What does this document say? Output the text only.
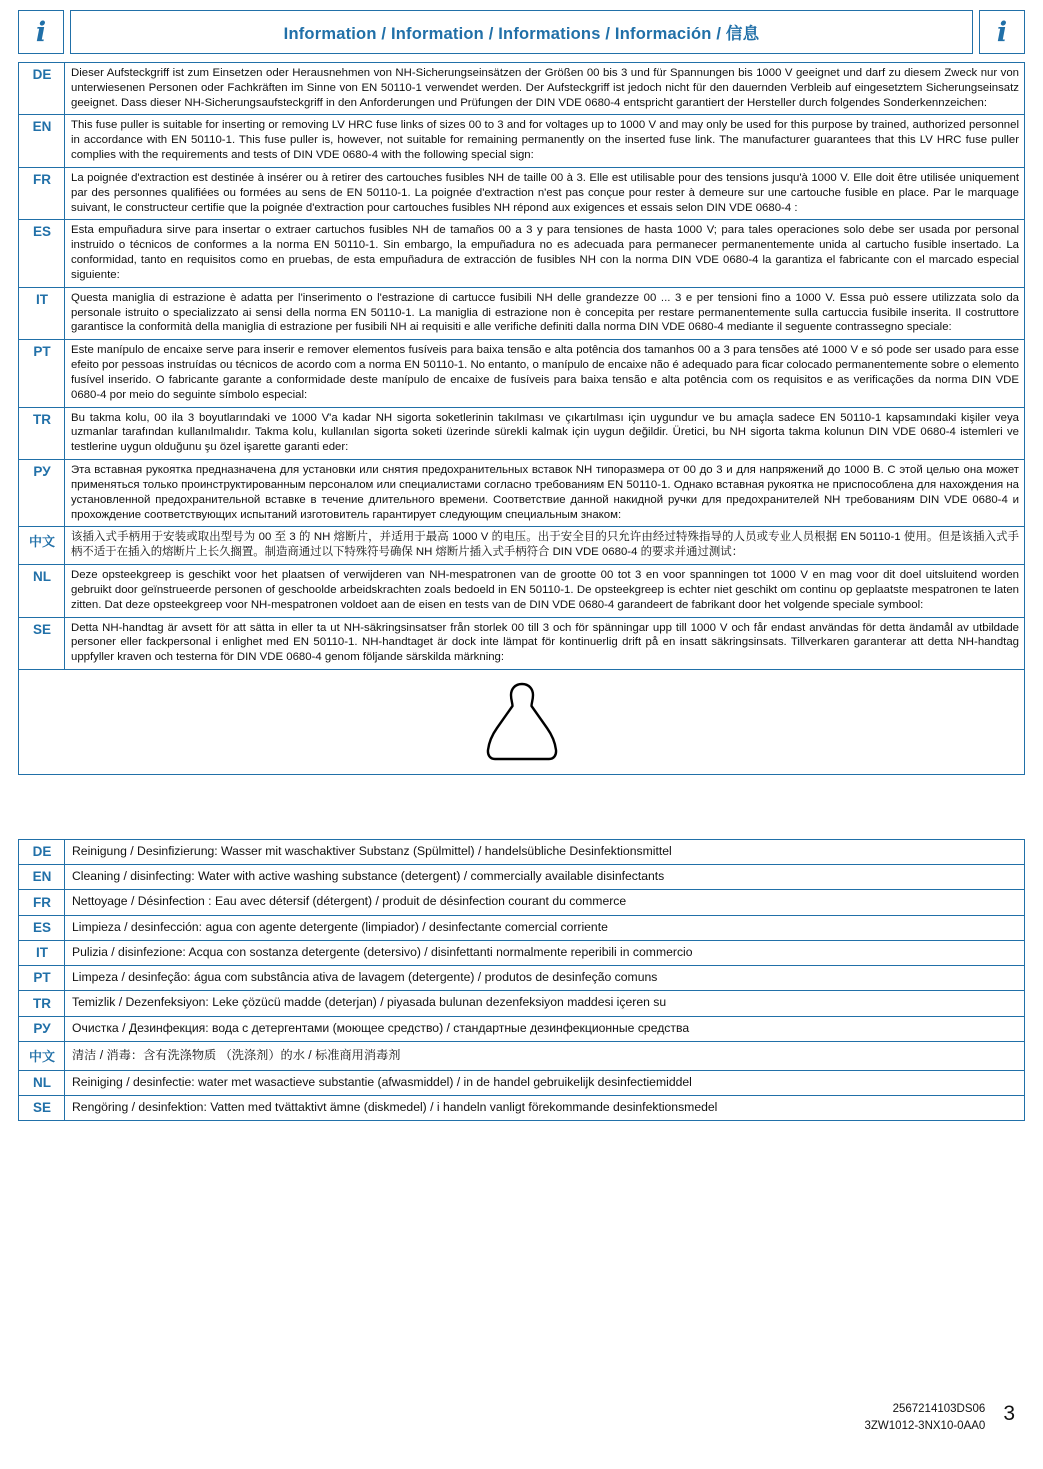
i	Information / Information / Informations / Información / 信息	i
DE	Dieser Aufsteckgriff ist zum Einsetzen oder Herausnehmen von NH-Sicherungseinsätzen der Größen 00 bis 3 und für Spannungen bis 1000 V geeignet und darf zu diesem Zweck nur von unterwiesenen Personen oder Fachkräften im Sinne von EN 50110-1 verwendet werden. Der Aufsteckgriff ist jedoch nicht für den dauernden Verbleib auf eingesetztem Sicherungseinsatz geeignet. Dass dieser NH-Sicherungsaufsteckgriff in den Anforderungen und Prüfungen der DIN VDE 0680-4 entspricht garantiert der Hersteller durch folgendes Sonderkennzeichen:
EN	This fuse puller is suitable for inserting or removing LV HRC fuse links of sizes 00 to 3 and for voltages up to 1000 V and may only be used for this purpose by trained, authorized personnel in accordance with EN 50110-1. This fuse puller is, however, not suitable for remaining permanently on the inserted fuse link. The manufacturer guarantees that this LV HRC fuse puller complies with the requirements and tests of DIN VDE 0680-4 with the following special sign:
FR	La poignée d'extraction est destinée à insérer ou à retirer des cartouches fusibles NH de taille 00 à 3. Elle est utilisable pour des tensions jusqu'à 1000 V. Elle doit être utilisée uniquement par des personnes qualifiées ou formées au sens de EN 50110-1. La poignée d'extraction n'est pas conçue pour rester à demeure sur une cartouche fusible en place. Par le marquage suivant, le constructeur certifie que la poignée d'extraction pour cartouches fusibles NH répond aux exigences et essais selon DIN VDE 0680-4 :
ES	Esta empuñadura sirve para insertar o extraer cartuchos fusibles NH de tamaños 00 a 3 y para tensiones de hasta 1000 V; para tales operaciones solo debe ser usada por personal instruido o técnicos de conformes a la norma EN 50110-1. Sin embargo, la empuñadura no es adecuada para permanecer permanentemente unida al cartucho fusible insertado. La conformidad, tanto en requisitos como en pruebas, de esta empuñadura de extracción de fusibles NH con la norma DIN VDE 0680-4 la garantiza el fabricante con el marcado especial siguiente:
IT	Questa maniglia di estrazione è adatta per l'inserimento o l'estrazione di cartucce fusibili NH delle grandezze 00 ... 3 e per tensioni fino a 1000 V. Essa può essere utilizzata solo da personale istruito o specializzato ai sensi della norma EN 50110-1. La maniglia di estrazione non è concepita per restare permanentemente sulla cartuccia fusibile inserita. Il costruttore garantisce la conformità della maniglia di estrazione per fusibili NH ai requisiti e alle verifiche definiti dalla norma DIN VDE 0680-4 mediante il seguente contrassegno speciale:
PT	Este manípulo de encaixe serve para inserir e remover elementos fusíveis para baixa tensão e alta potência dos tamanhos 00 a 3 para tensões até 1000 V e só pode ser usado para esse efeito por pessoas instruídas ou técnicos de acordo com a norma EN 50110-1. No entanto, o manípulo de encaixe não é adequado para ficar colocado permanentemente sobre o elemento fusível inserido. O fabricante garante a conformidade deste manípulo de encaixe de fusíveis para baixa tensão e alta potência com os requisitos e as verificações da norma DIN VDE 0680-4 por meio do seguinte símbolo especial:
TR	Bu takma kolu, 00 ila 3 boyutlarındaki ve 1000 V'a kadar NH sigorta soketlerinin takılması ve çıkartılması için uygundur ve bu amaçla sadece EN 50110-1 kapsamındaki kişiler veya uzmanlar tarafından kullanılmalıdır. Takma kolu, kullanılan sigorta soketi üzerinde sürekli kalmak için uygun değildir. Üretici, bu NH sigorta takma kolunun DIN VDE 0680-4 istemleri ve testlerine uygun olduğunu şu özel işarette garanti eder:
РУ	Эта вставная рукоятка предназначена для установки или снятия предохранительных вставок NH типоразмера от 00 до 3 и для напряжений до 1000 В. С этой целью она может применяться только проинструктированным персоналом или специалистами согласно требованиям EN 50110-1. Однако вставная рукоятка не приспособлена для нахождения на установленной предохранительной вставке в течение длительного времени. Соответствие данной накидной ручки для предохранителей NH требованиям DIN VDE 0680-4 и прохождение соответствующих испытаний изготовитель гарантирует следующим специальным знаком:
中文	该插入式手柄用于安装或取出型号为 00 至 3 的 NH 熔断片，并适用于最高 1000 V 的电压。出于安全目的只允许由经过特殊指导的人员或专业人员根据 EN 50110-1 使用。但是该插入式手柄不适于在插入的熔断片上长久搁置。制造商通过以下特殊符号确保 NH 熔断片插入式手柄符合 DIN VDE 0680-4 的要求并通过测试：
NL	Deze opsteekgreep is geschikt voor het plaatsen of verwijderen van NH-mespatronen van de grootte 00 tot 3 en voor spanningen tot 1000 V en mag voor dit doel uitsluitend worden gebruikt door geïnstrueerde personen of geschoolde arbeidskrachten zoals bedoeld in EN 50110-1. De opsteekgreep is echter niet geschikt om continu op geplaatste mespatronen te laten zitten. Dat deze opsteekgreep voor NH-mespatronen voldoet aan de eisen en tests van de DIN VDE 0680-4 garandeert de fabrikant door het volgende speciale symbool:
SE	Detta NH-handtag är avsett för att sätta in eller ta ut NH-säkringsinsatser från storlek 00 till 3 och för spänningar upp till 1000 V och får endast användas för detta ändamål av utbildade personer eller fackpersonal i enlighet med EN 50110-1. NH-handtaget är dock inte lämpat för kontinuerlig drift på en insatt säkringsinsats. Tillverkaren garanterar att detta NH-handtag uppfyller kraven och testerna för DIN VDE 0680-4 genom följande särskilda märkning:

DE	Reinigung / Desinfizierung: Wasser mit waschaktiver Substanz (Spülmittel) / handelsübliche Desinfektionsmittel
EN	Cleaning / disinfecting: Water with active washing substance (detergent) / commercially available disinfectants
FR	Nettoyage / Désinfection : Eau avec détersif (détergent) / produit de désinfection courant du commerce
ES	Limpieza / desinfección: agua con agente detergente (limpiador) / desinfectante comercial corriente
IT	Pulizia / disinfezione: Acqua con sostanza detergente (detersivo) / disinfettanti normalmente reperibili in commercio
PT	Limpeza / desinfeção: água com substância ativa de lavagem (detergente) / produtos de desinfeção comuns
TR	Temizlik / Dezenfeksiyon: Leke çözücü madde (deterjan) / piyasada bulunan dezenfeksiyon maddesi içeren su
РУ	Очистка / Дезинфекция: вода с детергентами (моющее средство) / стандартные дезинфекционные средства
中文	清洁 / 消毒：含有洗涤物质 （洗涤剂）的水 / 标准商用消毒剂
NL	Reiniging / desinfectie: water met wasactieve substantie (afwasmiddel) / in de handel gebruikelijk desinfectiemiddel
SE	Rengöring / desinfektion: Vatten med tvättaktivt ämne (diskmedel) / i handeln vanligt förekommande desinfektionsmedel
2567214103DS06
3ZW1012-3NX10-0AA0
3
